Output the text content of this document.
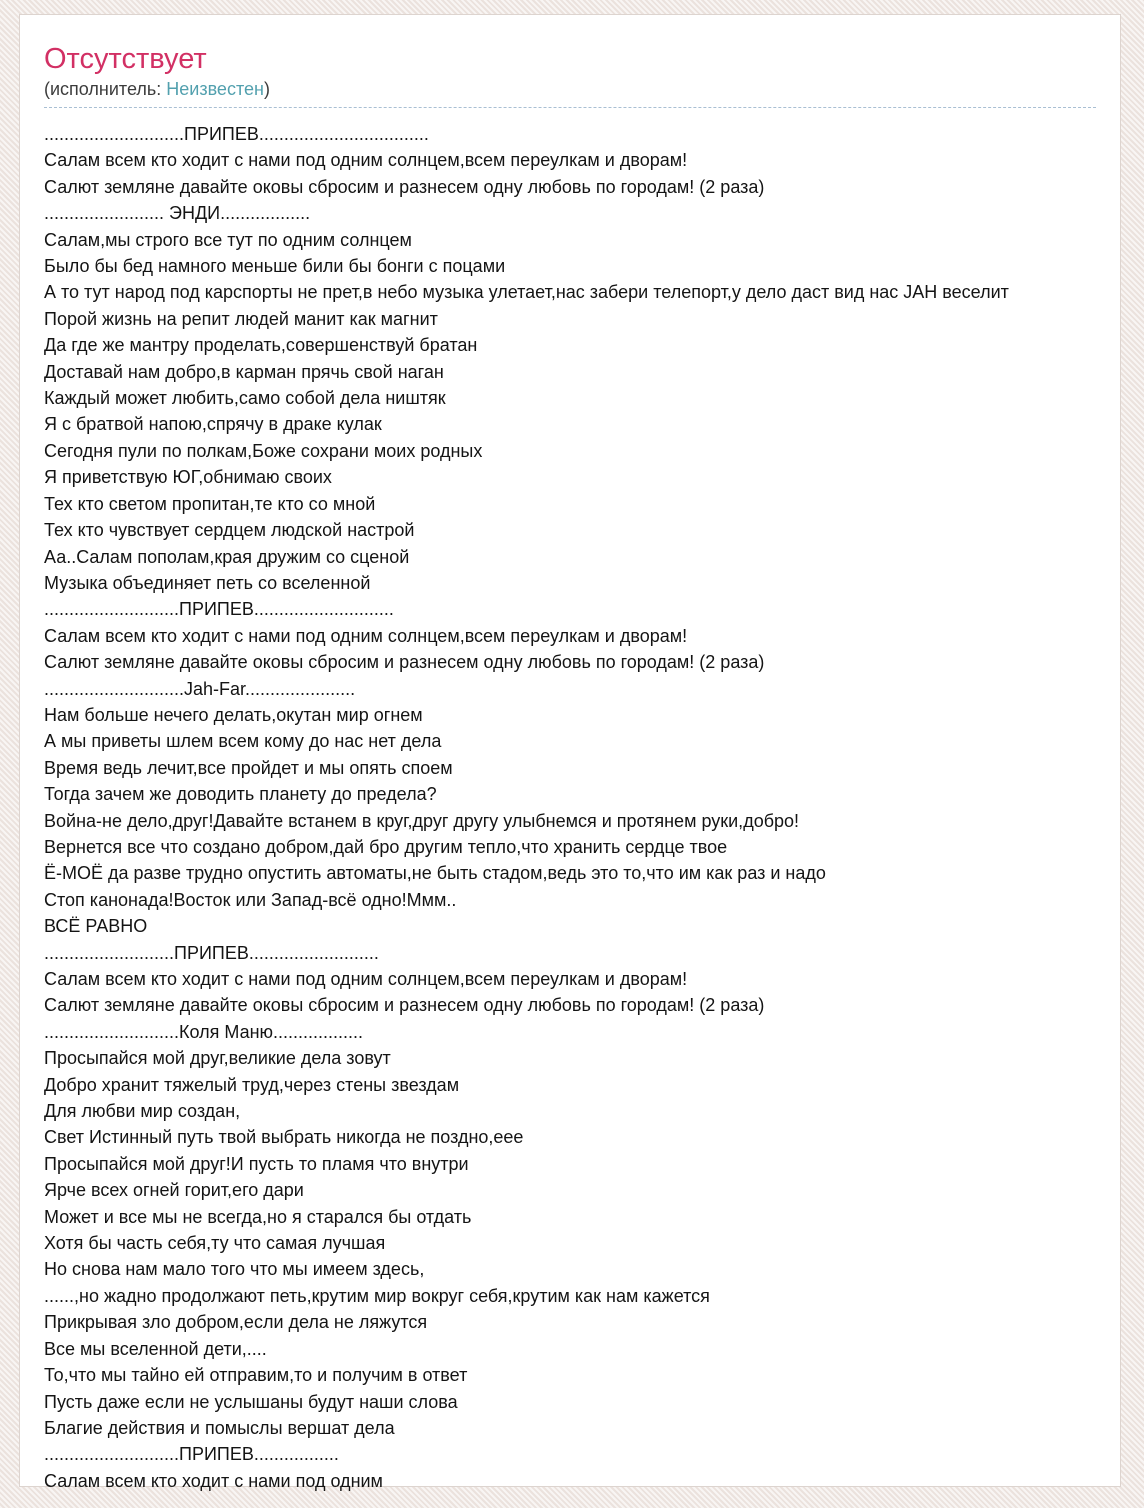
Отсутствует
(исполнитель: Неизвестен)
............................ПРИПЕВ..................................
Салам всем кто ходит с нами под одним солнцем,всем переулкам и дворам!
Салют земляне давайте оковы сбросим и разнесем одну любовь по городам! (2 раза)
........................ ЭНДИ..................
Салам,мы строго все тут по одним солнцем
Было бы бед намного меньше били бы бонги с поцами
А то тут народ под карспорты не прет,в небо музыка улетает,нас забери телепорт,у дело даст вид нас JAH веселит
Порой жизнь на репит людей манит как магнит
Да где же мантру проделать,совершенствуй братан
Доставай нам добро,в карман прячь свой наган
Каждый может любить,само собой дела ништяк
Я с братвой напою,спрячу в драке кулак
Сегодня пули по полкам,Боже сохрани моих родных
Я приветствую ЮГ,обнимаю своих
Тех кто светом пропитан,те кто со мной
Тех кто чувствует сердцем людской настрой
Аа..Салам пополам,края дружим со сценой
Музыка объединяет петь со вселенной
...........................ПРИПЕВ............................
Салам всем кто ходит с нами под одним солнцем,всем переулкам и дворам!
Салют земляне давайте оковы сбросим и разнесем одну любовь по городам! (2 раза)
............................Jah-Far......................
Нам больше нечего делать,окутан мир огнем
А мы приветы шлем всем кому до нас нет дела
Время ведь лечит,все пройдет и мы опять споем
Тогда зачем же доводить планету до предела?
Война-не дело,друг!Давайте встанем в круг,друг другу улыбнемся и протянем руки,добро!
Вернется все что создано добром,дай бро другим тепло,что хранить сердце твое
Ё-МОЁ да разве трудно опустить автоматы,не быть стадом,ведь это то,что им как раз и надо
Стоп канонада!Восток или Запад-всё одно!Ммм..
ВСЁ РАВНО
..........................ПРИПЕВ..........................
Салам всем кто ходит с нами под одним солнцем,всем переулкам и дворам!
Салют земляне давайте оковы сбросим и разнесем одну любовь по городам! (2 раза)
...........................Коля Маню..................
Просыпайся мой друг,великие дела зовут
Добро хранит тяжелый труд,через стены звездам
Для любви мир создан,
Свет Истинный путь твой выбрать никогда не поздно,еее
Просыпайся мой друг!И пусть то пламя что внутри
Ярче всех огней горит,его дари
Может и все мы не всегда,но я старался бы отдать
Хотя бы часть себя,ту что самая лучшая
Но снова нам мало того что мы имеем здесь,
......,но жадно продолжают петь,крутим мир вокруг себя,крутим как нам кажется
Прикрывая зло добром,если дела не ляжутся
Все мы вселенной дети,....
То,что мы тайно ей отправим,то и получим в ответ
Пусть даже если не услышаны будут наши слова
Благие действия и помыслы вершат дела
...........................ПРИПЕВ.................
Салам всем кто ходит с нами под одним
